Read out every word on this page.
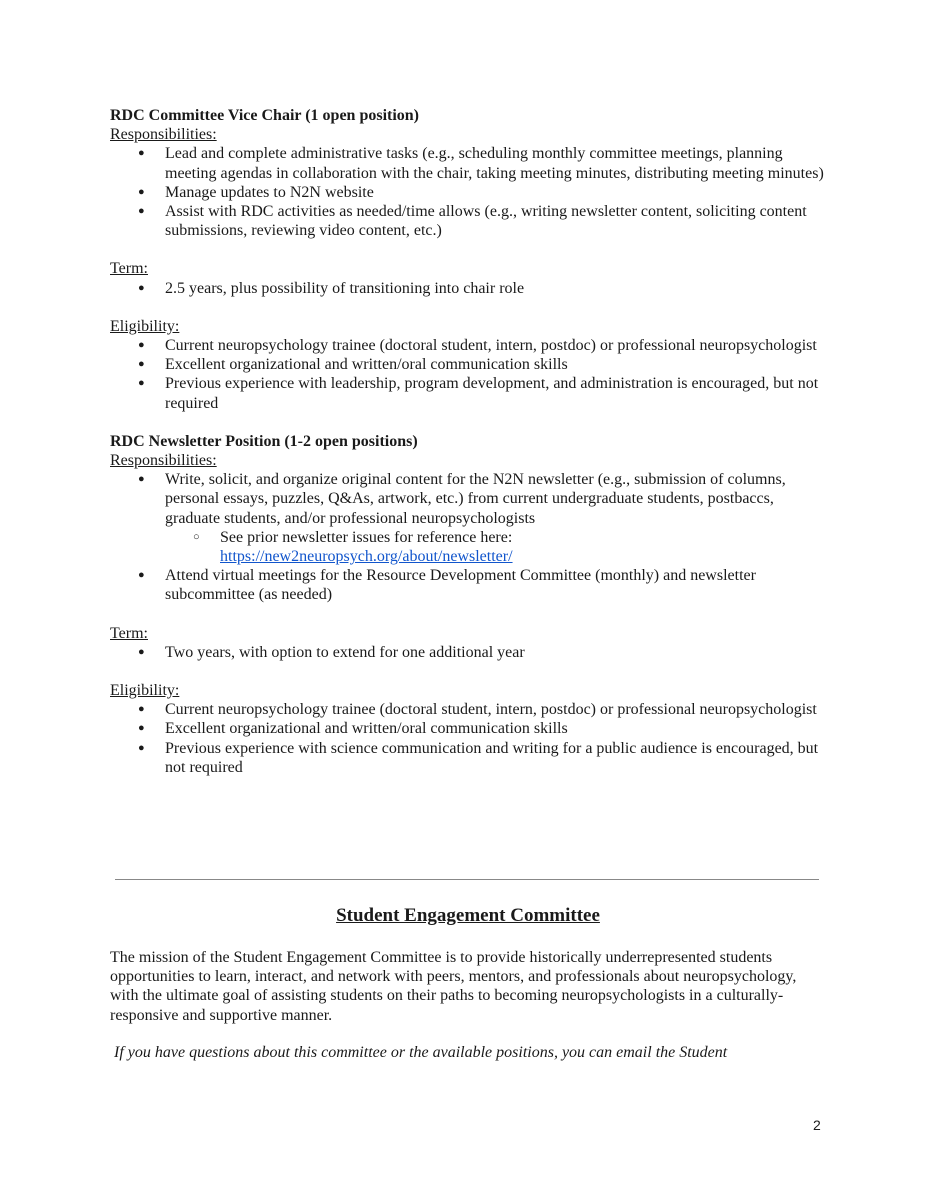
RDC Committee Vice Chair (1 open position)

Responsibilities:

● Lead and complete administrative tasks (e.g., scheduling monthly committee meetings, planning meeting agendas in collaboration with the chair, taking meeting minutes, distributing meeting minutes)
● Manage updates to N2N website
● Assist with RDC activities as needed/time allows (e.g., writing newsletter content, soliciting content submissions, reviewing video content, etc.)

Term:

● 2.5 years, plus possibility of transitioning into chair role

Eligibility:

● Current neuropsychology trainee (doctoral student, intern, postdoc) or professional neuropsychologist
● Excellent organizational and written/oral communication skills
● Previous experience with leadership, program development, and administration is encouraged, but not required

RDC Newsletter Position (1-2 open positions)

Responsibilities:

● Write, solicit, and organize original content for the N2N newsletter (e.g., submission of columns, personal essays, puzzles, Q&As, artwork, etc.) from current undergraduate students, postbaccs, graduate students, and/or professional neuropsychologists
○ See prior newsletter issues for reference here:
https://new2neuropsych.org/about/newsletter/
● Attend virtual meetings for the Resource Development Committee (monthly) and newsletter subcommittee (as needed)

Term:

● Two years, with option to extend for one additional year

Eligibility:

● Current neuropsychology trainee (doctoral student, intern, postdoc) or professional neuropsychologist
● Excellent organizational and written/oral communication skills
● Previous experience with science communication and writing for a public audience is encouraged, but not required
Student Engagement Committee

The mission of the Student Engagement Committee is to provide historically underrepresented students opportunities to learn, interact, and network with peers, mentors, and professionals about neuropsychology, with the ultimate goal of assisting students on their paths to becoming neuropsychologists in a culturally-responsive and supportive manner.

If you have questions about this committee or the available positions, you can email the Student

2
